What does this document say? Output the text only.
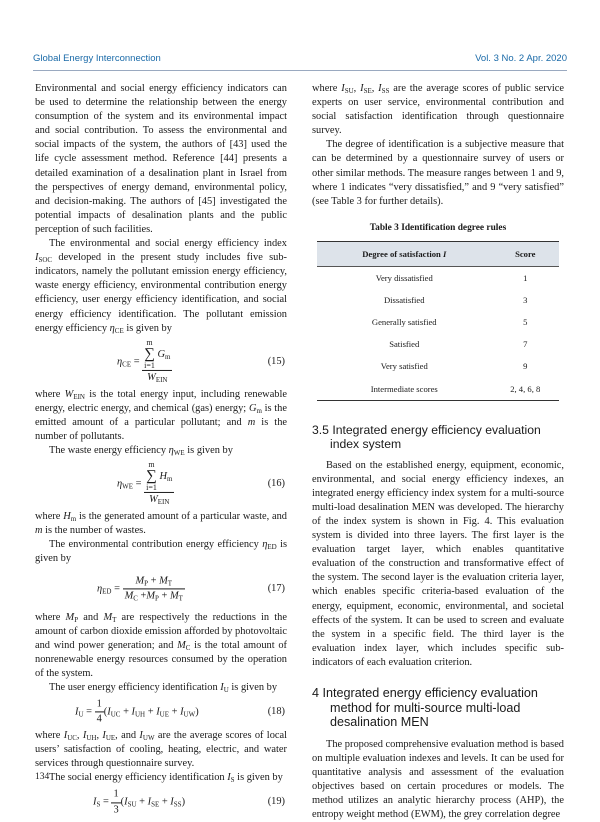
Global Energy Interconnection	Vol. 3 No. 2 Apr. 2020

Environmental and social energy efficiency indicators can be used to determine the relationship between the energy consumption of the system and its environmental impact and social contribution. To assess the environmental and social impacts of the system, the authors of [43] used the life cycle assessment method. Reference [44] presents a detailed examination of a desalination plant in Israel from the perspectives of energy demand, environmental policy, and decision-making. The authors of [45] investigated the potential impacts of desalination plants and the public perception of such facilities.

The environmental and social energy efficiency index $I_{SOC}$ developed in the present study includes five sub-indicators, namely the pollutant emission energy efficiency, waste energy efficiency, environmental contribution energy efficiency, user energy efficiency identification, and social energy efficiency identification. The pollutant emission energy efficiency $\eta_{CE}$ is given by

$\eta_{CE} = m$
∑
i=1 $G_m$
$W_{EIN}$	(15)

where $W_{EIN}$ is the total energy input, including renewable energy, electric energy, and chemical (gas) energy; $G_m$ is the emitted amount of a particular pollutant; and m is the number of pollutants.

The waste energy efficiency $\eta_{WE}$ is given by

$\eta_{WE} = m$
∑
i=1 $H_m$
$W_{EIN}$	(16)

where $H_m$ is the generated amount of a particular waste, and m is the number of wastes.

The environmental contribution energy efficiency $\eta_{ED}$ is given by

$\eta_{ED} = \frac{M_P + M_T}{M_C +M_P + M_T}$	(17)

where $M_P$ and $M_T$ are respectively the reductions in the amount of carbon dioxide emission afforded by photovoltaic and wind power generation; and $M_C$ is the total amount of nonrenewable energy resources consumed by the operation of the system.

The user energy efficiency identification $I_U$ is given by

$I_U = \frac{1}{4} (I_{UC} + I_{UH} + I_{UE} + I_{UW})$	(18)

where $I_{UC}$, $I_{UH}$, $I_{UE}$, and $I_{UW}$ are the average scores of local users’ satisfaction of cooling, heating, electric, and water services through questionnaire survey.

The social energy efficiency identification $I_S$ is given by

$I_S = \frac{1}{3} (I_{SU} + I_{SE} + I_{SS})$	(19)

where $I_{SU}$, $I_{SE}$, $I_{SS}$ are the average scores of public service experts on user service, environmental contribution and social satisfaction identification through questionnaire survey.

The degree of identification is a subjective measure that can be determined by a questionnaire survey of users or other similar methods. The measure ranges between 1 and 9, where 1 indicates “very dissatisfied,” and 9 “very satisfied” (see Table 3 for further details).

Table 3 Identification degree rules
Degree of satisfaction I	Score
Very dissatisfied	1
Dissatisfied	3
Generally satisfied	5
Satisfied	7
Very satisfied	9
Intermediate scores	2, 4, 6, 8
3.5 Integrated energy efficiency evaluation index system

Based on the established energy, equipment, economic, environmental, and social energy efficiency indexes, an integrated energy efficiency index system for a multi-source multi-load desalination MEN was developed. The hierarchy of the index system is shown in Fig. 4. This evaluation system is divided into three layers. The first layer is the evaluation target layer, which enables quantitative evaluation of the construction and transformative effect of the system. The second layer is the evaluation criteria layer, which enables specific criteria-based evaluation of the energy, equipment, economic, environmental, and societal effects of the system. It can be used to screen and evaluate the system in a specific field. The third layer is the evaluation index layer, which includes specific sub-indicators of each evaluation criterion.

4 Integrated energy efficiency evaluation method for multi-source multi-load desalination MEN

The proposed comprehensive evaluation method is based on multiple evaluation indexes and levels. It can be used for quantitative analysis and assessment of the evaluation objectives based on certain procedures or models. The method utilizes an analytic hierarchy process (AHP), the entropy weight method (EWM), the grey correlation degree

134
